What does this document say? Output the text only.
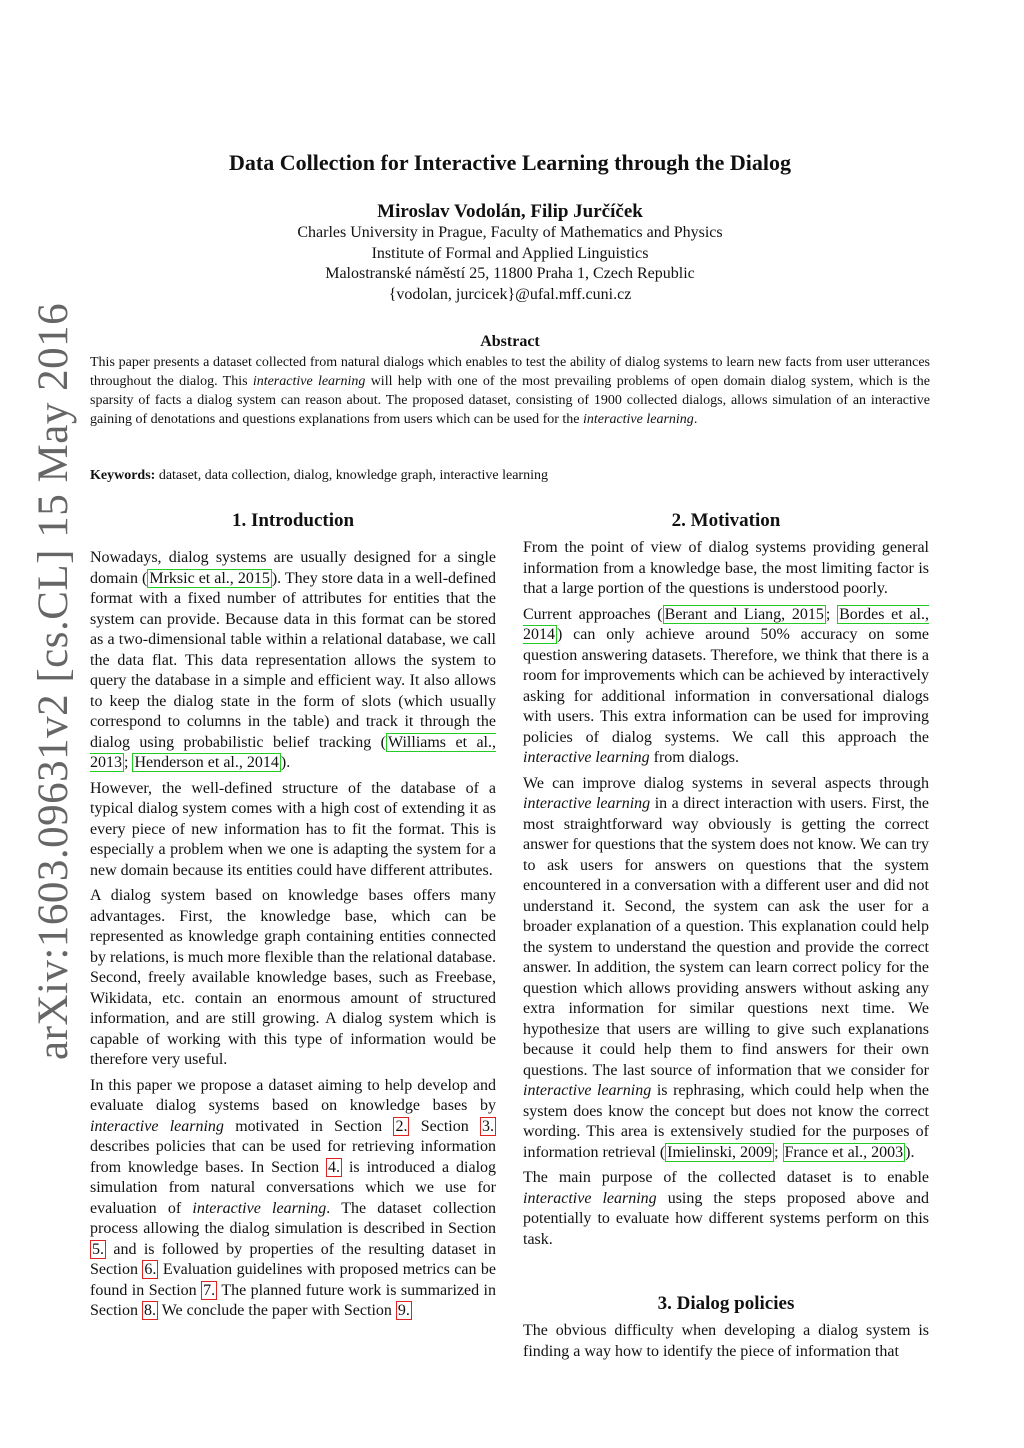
arXiv:1603.09631v2 [cs.CL] 15 May 2016
Data Collection for Interactive Learning through the Dialog
Miroslav Vodolán, Filip Jurčíček
Charles University in Prague, Faculty of Mathematics and Physics
Institute of Formal and Applied Linguistics
Malostranské náměstí 25, 11800 Praha 1, Czech Republic
{vodolan, jurcicek}@ufal.mff.cuni.cz
Abstract
This paper presents a dataset collected from natural dialogs which enables to test the ability of dialog systems to learn new facts from user utterances throughout the dialog. This interactive learning will help with one of the most prevailing problems of open domain dialog system, which is the sparsity of facts a dialog system can reason about. The proposed dataset, consisting of 1900 collected dialogs, allows simulation of an interactive gaining of denotations and questions explanations from users which can be used for the interactive learning.
Keywords: dataset, data collection, dialog, knowledge graph, interactive learning
1. Introduction	2. Motivation

Nowadays, dialog systems are usually designed for a single domain ( Mrksic et al., 2015 ). They store data in a well-defined format with a fixed number of attributes for entities that the system can provide. Because data in this format can be stored as a two-dimensional table within a relational database, we call the data flat. This data representation allows the system to query the database in a simple and efficient way. It also allows to keep the dialog state in the form of slots (which usually correspond to columns in the table) and track it through the dialog using probabilistic belief tracking ( Williams et al., 2013 ; Henderson et al., 2014 ).

However, the well-defined structure of the database of a typical dialog system comes with a high cost of extending it as every piece of new information has to fit the format. This is especially a problem when we one is adapting the system for a new domain because its entities could have different attributes.

A dialog system based on knowledge bases offers many advantages. First, the knowledge base, which can be represented as knowledge graph containing entities connected by relations, is much more flexible than the relational database. Second, freely available knowledge bases, such as Freebase, Wikidata, etc. contain an enormous amount of structured information, and are still growing. A dialog system which is capable of working with this type of information would be therefore very useful.

In this paper we propose a dataset aiming to help develop and evaluate dialog systems based on knowledge bases by interactive learning motivated in Section 2. Section 3. describes policies that can be used for retrieving information from knowledge bases. In Section 4. is introduced a dialog simulation from natural conversations which we use for evaluation of interactive learning. The dataset collection process allowing the dialog simulation is described in Section 5. and is followed by properties of the resulting dataset in Section 6. Evaluation guidelines with proposed metrics can be found in Section 7. The planned future work is summarized in Section 8. We conclude the paper with Section 9.

From the point of view of dialog systems providing general information from a knowledge base, the most limiting factor is that a large portion of the questions is understood poorly.

Current approaches ( Berant and Liang, 2015 ; Bordes et al., 2014 ) can only achieve around 50% accuracy on some question answering datasets. Therefore, we think that there is a room for improvements which can be achieved by interactively asking for additional information in conversational dialogs with users. This extra information can be used for improving policies of dialog systems. We call this approach the interactive learning from dialogs.

We can improve dialog systems in several aspects through interactive learning in a direct interaction with users. First, the most straightforward way obviously is getting the correct answer for questions that the system does not know. We can try to ask users for answers on questions that the system encountered in a conversation with a different user and did not understand it. Second, the system can ask the user for a broader explanation of a question. This explanation could help the system to understand the question and provide the correct answer. In addition, the system can learn correct policy for the question which allows providing answers without asking any extra information for similar questions next time. We hypothesize that users are willing to give such explanations because it could help them to find answers for their own questions. The last source of information that we consider for interactive learning is rephrasing, which could help when the system does know the concept but does not know the correct wording. This area is extensively studied for the purposes of information retrieval ( Imielinski, 2009 ; France et al., 2003 ).

The main purpose of the collected dataset is to enable interactive learning using the steps proposed above and potentially to evaluate how different systems perform on this task.

3. Dialog policies
The obvious difficulty when developing a dialog system is finding a way how to identify the piece of information that
